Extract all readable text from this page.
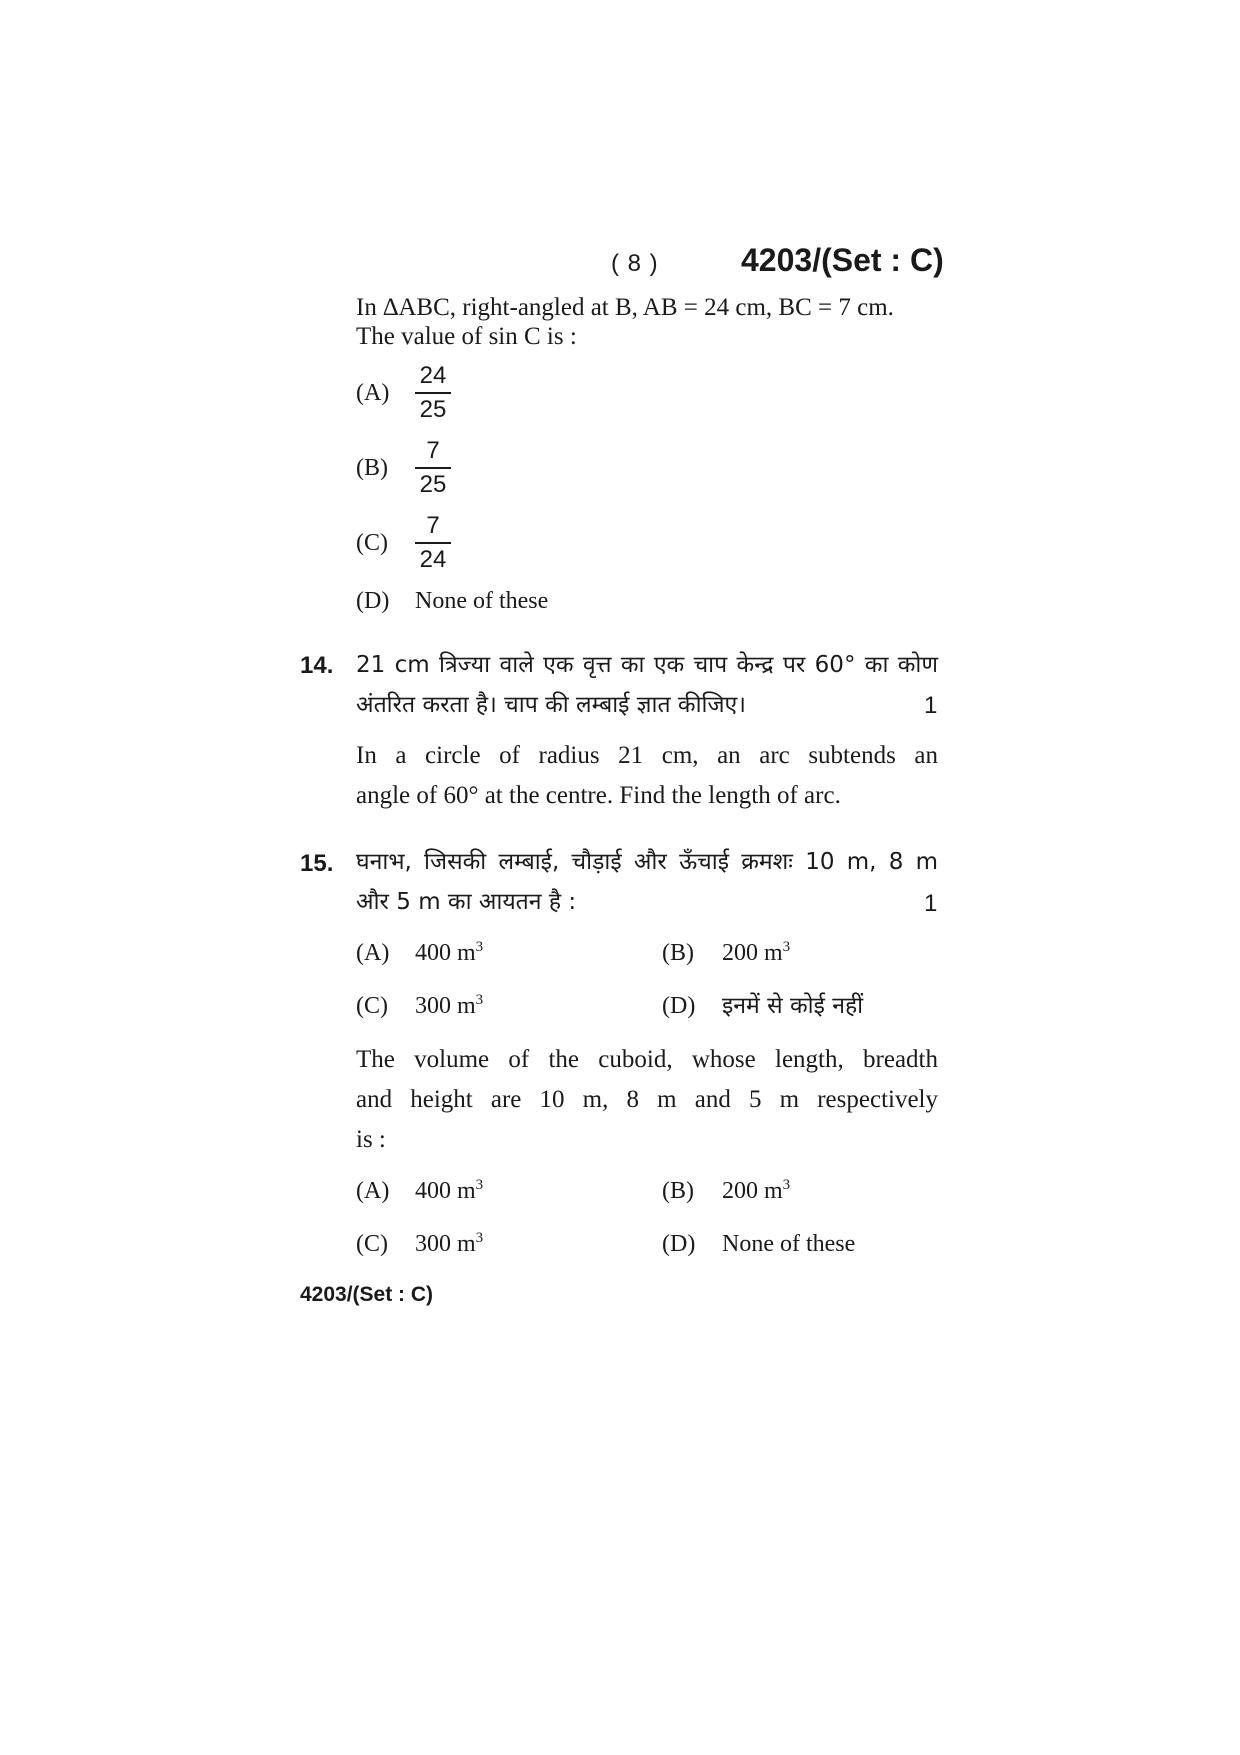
( 8 )	4203/(Set : C)
In ∆ABC, right-angled at B, AB = 24 cm, BC = 7 cm.
The value of sin C is :
(A)
24
25
(B)
7
25
(C)
7
24
(D) None of these
14. 21 cm त्रिज्या वाले एक वृत्त का एक चाप केन्द्र पर 60° का कोण
अंतरित करता है। चाप की लम्बाई ज्ञात कीजिए।	1
In a circle of radius 21 cm, an arc subtends an
angle of 60° at the centre. Find the length of arc.
15. घनाभ, जिसकी लम्बाई, चौड़ाई और ऊँचाई क्रमशः 10 m, 8 m
और 5 m का आयतन है :	1
(A) 400 $m^3$	(B) 200 $m^3$
(C) 300 $m^3$	(D) इनमें से कोई नहीं
The volume of the cuboid, whose length, breadth
and height are 10 m, 8 m and 5 m respectively
is :
(A) 400 $m^3$	(B) 200 $m^3$
(C) 300 $m^3$	(D) None of these
4203/(Set : C)
